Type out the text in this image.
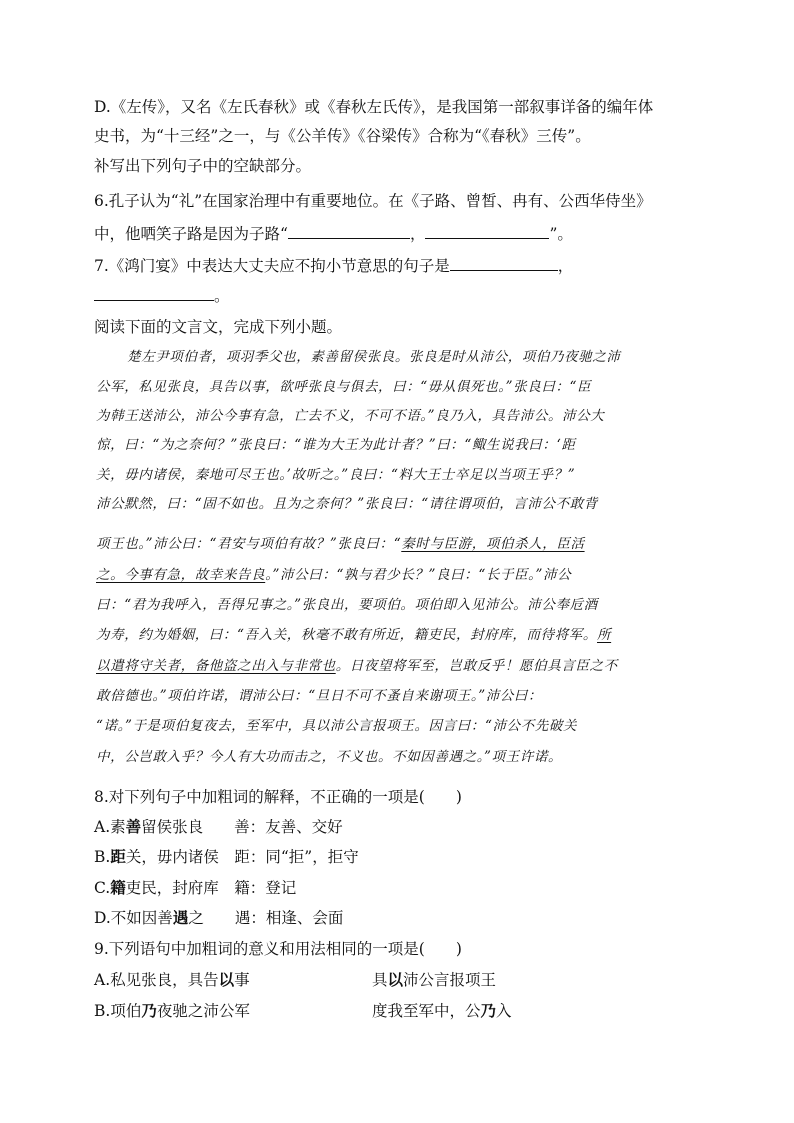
D.《左传》，又名《左氏春秋》或《春秋左氏传》，是我国第一部叙事详备的编年体
史书，为“十三经”之一，与《公羊传》《谷梁传》合称为“《春秋》三传”。
补写出下列句子中的空缺部分。
6.孔子认为“礼”在国家治理中有重要地位。在《子路、曾皙、冉有、公西华侍坐》
中，他哂笑子路是因为子路“	，	”。
7.《鸿门宴》中表达大丈夫应不拘小节意思的句子是	，
。
阅读下面的文言文，完成下列小题。
楚左尹项伯者，项羽季父也，素善留侯张良。张良是时从沛公，项伯乃夜驰之沛
公军，私见张良，具告以事，欲呼张良与俱去，曰：“毋从俱死也。”张良曰：“臣
为韩王送沛公，沛公今事有急，亡去不义，不可不语。”良乃入，具告沛公。沛公大
惊，曰：“为之奈何？”张良曰：“谁为大王为此计者？”曰：“鲰生说我曰：‘距
关，毋内诸侯，秦地可尽王也。’故听之。”良曰：“料大王士卒足以当项王乎？”
沛公默然，曰：“固不如也。且为之奈何？”张良曰：“请往谓项伯，言沛公不敢背
项王也。”沛公曰：“君安与项伯有故？”张良曰：“秦时与臣游，项伯杀人，臣活
之。今事有急，故幸来告良。”沛公曰：“孰与君少长？”良曰：“长于臣。”沛公
曰：“君为我呼入，吾得兄事之。”张良出，要项伯。项伯即入见沛公。沛公奉卮酒
为寿，约为婚姻，曰：“吾入关，秋毫不敢有所近，籍吏民，封府库，而待将军。所
以遣将守关者，备他盗之出入与非常也。日夜望将军至，岂敢反乎！愿伯具言臣之不
敢倍德也。”项伯许诺，谓沛公曰：“旦日不可不蚤自来谢项王。”沛公曰：
“诺。”于是项伯复夜去，至军中，具以沛公言报项王。因言曰：“沛公不先破关
中，公岂敢入乎？今人有大功而击之，不义也。不如因善遇之。”项王许诺。
8.对下列句子中加粗词的解释，不正确的一项是(　　)
A.素善留侯张良　　善：友善、交好
B.距关，毋内诸侯　距：同“拒”，拒守
C.籍吏民，封府库　籍：登记
D.不如因善遇之　　遇：相逢、会面
9.下列语句中加粗词的意义和用法相同的一项是(　　)
A.私见张良，具告以事	具以沛公言报项王
B.项伯乃夜驰之沛公军	度我至军中，公乃入
